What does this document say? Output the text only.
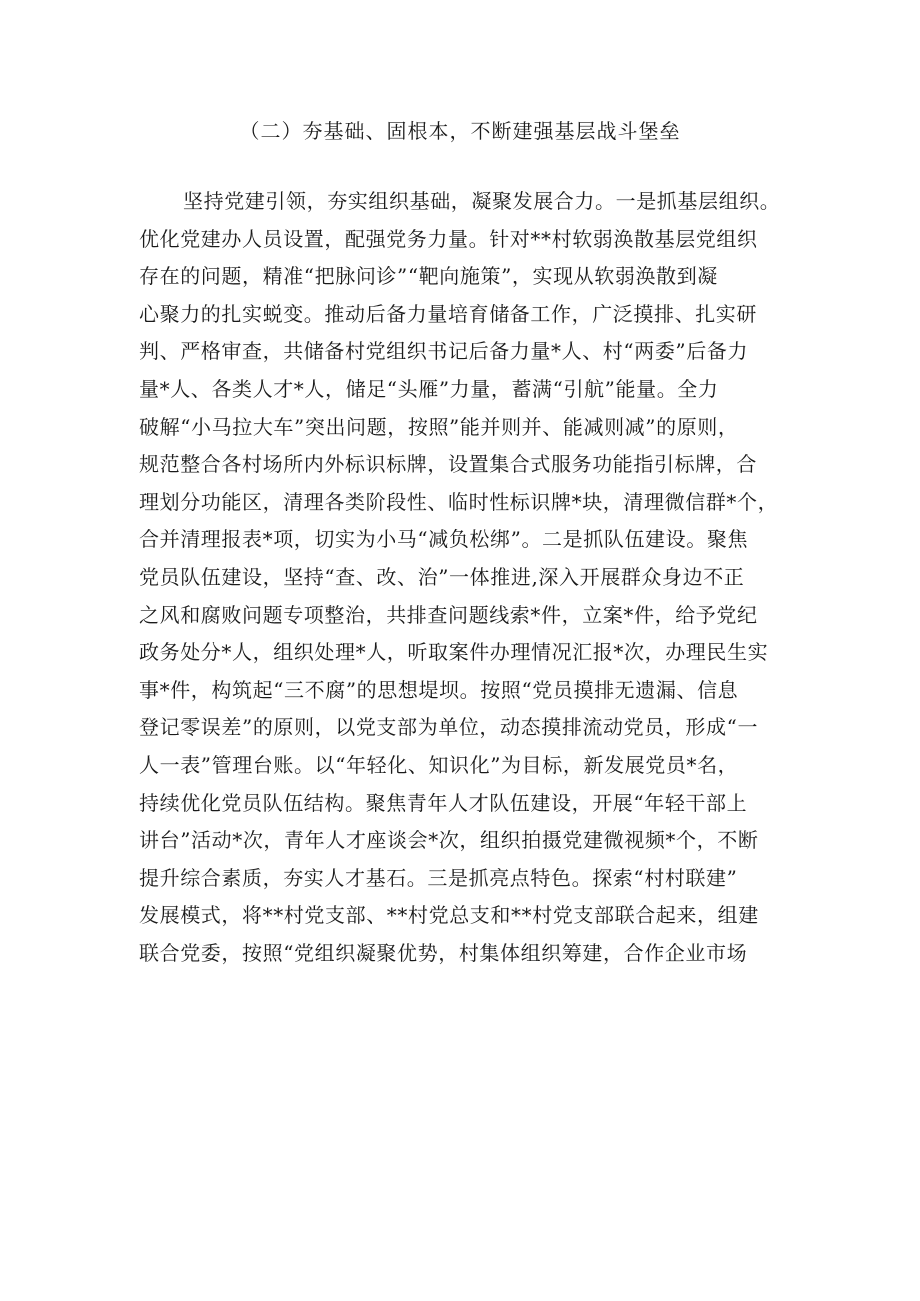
（二）夯基础、固根本，不断建强基层战斗堡垒
坚持党建引领，夯实组织基础，凝聚发展合力。一是抓基层组织。
优化党建办人员设置，配强党务力量。针对**村软弱涣散基层党组织
存在的问题，精准“把脉问诊”“靶向施策”，实现从软弱涣散到凝
心聚力的扎实蜕变。推动后备力量培育储备工作，广泛摸排、扎实研
判、严格审查，共储备村党组织书记后备力量*人、村“两委”后备力
量*人、各类人才*人，储足“头雁”力量，蓄满“引航”能量。全力
破解“小马拉大车”突出问题，按照”能并则并、能减则减”的原则，
规范整合各村场所内外标识标牌，设置集合式服务功能指引标牌，合
理划分功能区，清理各类阶段性、临时性标识牌*块，清理微信群*个，
合并清理报表*项，切实为小马“减负松绑”。二是抓队伍建设。聚焦
党员队伍建设，坚持“查、改、治”一体推进,深入开展群众身边不正
之风和腐败问题专项整治，共排查问题线索*件，立案*件，给予党纪
政务处分*人，组织处理*人，听取案件办理情况汇报*次，办理民生实
事*件，构筑起“三不腐”的思想堤坝。按照“党员摸排无遗漏、信息
登记零误差”的原则，以党支部为单位，动态摸排流动党员，形成“一
人一表”管理台账。以“年轻化、知识化”为目标，新发展党员*名，
持续优化党员队伍结构。聚焦青年人才队伍建设，开展“年轻干部上
讲台”活动*次，青年人才座谈会*次，组织拍摄党建微视频*个，不断
提升综合素质，夯实人才基石。三是抓亮点特色。探索“村村联建”
发展模式，将**村党支部、**村党总支和**村党支部联合起来，组建
联合党委，按照“党组织凝聚优势，村集体组织筹建，合作企业市场
